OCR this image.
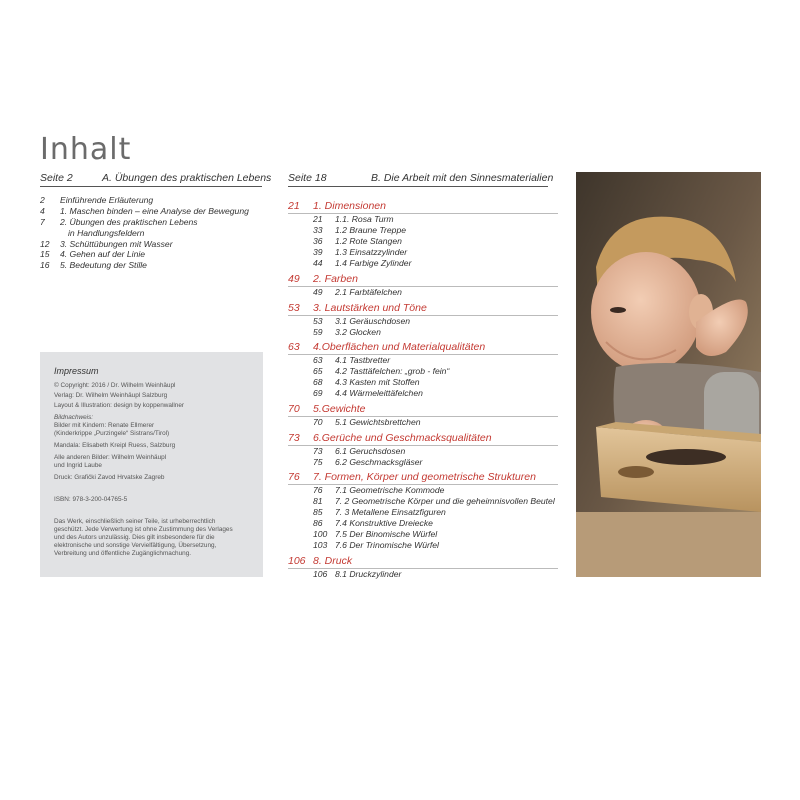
Inhalt
Seite 2	A. Übungen des praktischen Lebens Seite 18	B. Die Arbeit mit den Sinnesmaterialien
2 Einführende Erläuterung
4 1. Maschen binden – eine Analyse der Bewegung
7 2. Übungen des praktischen Lebens
in Handlungsfeldern
12 3. Schüttübungen mit Wasser
15 4. Gehen auf der Linie
16 5. Bedeutung der Stille
Impressum
© Copyright: 2016 / Dr. Wilhelm Weinhäupl
Verlag: Dr. Wilhelm Weinhäupl Salzburg
Layout & Illustration: design by koppenwallner
Bildnachweis:
Bilder mit Kindern: Renate Ellmerer
(Kinderkrippe „Purzingele“ Sistrans/Tirol)
Mandala: Elisabeth Kreipl Ruess, Salzburg
Alle anderen Bilder: Wilhelm Weinhäupl
und Ingrid Laube
Druck: Grafički Zavod Hrvatske Zagreb
ISBN: 978-3-200-04765-5
Das Werk, einschließlich seiner Teile, ist urheberrechtlich
geschützt. Jede Verwertung ist ohne Zustimmung des Verlages
und des Autors unzulässig. Dies gilt insbesondere für die
elektronische und sonstige Vervielfältigung, Übersetzung,
Verbreitung und öffentliche Zugänglichmachung.
21 1. Dimensionen
21 1.1. Rosa Turm
33 1.2 Braune Treppe
36 1.2 Rote Stangen
39 1.3 Einsatzzylinder
44 1.4 Farbige Zylinder
49 2. Farben
49 2.1 Farbtäfelchen
53 3. Lautstärken und Töne
53 3.1 Geräuschdosen
59 3.2 Glocken
63 4.Oberflächen und Materialqualitäten
63 4.1 Tastbretter
65 4.2 Tasttäfelchen: „grob - fein“
68 4.3 Kasten mit Stoffen
69 4.4 Wärmeleittäfelchen
70 5.Gewichte
70 5.1 Gewichtsbrettchen
73 6.Gerüche und Geschmacksqualitäten
73 6.1 Geruchsdosen
75 6.2 Geschmacksgläser
76 7. Formen, Körper und geometrische Strukturen
76 7.1 Geometrische Kommode
81 7. 2 Geometrische Körper und die geheimnisvollen Beutel
85 7. 3 Metallene Einsatzfiguren
86 7.4 Konstruktive Dreiecke
100 7.5 Der Binomische Würfel
103 7.6 Der Trinomische Würfel
106 8. Druck
106 8.1 Druckzylinder
